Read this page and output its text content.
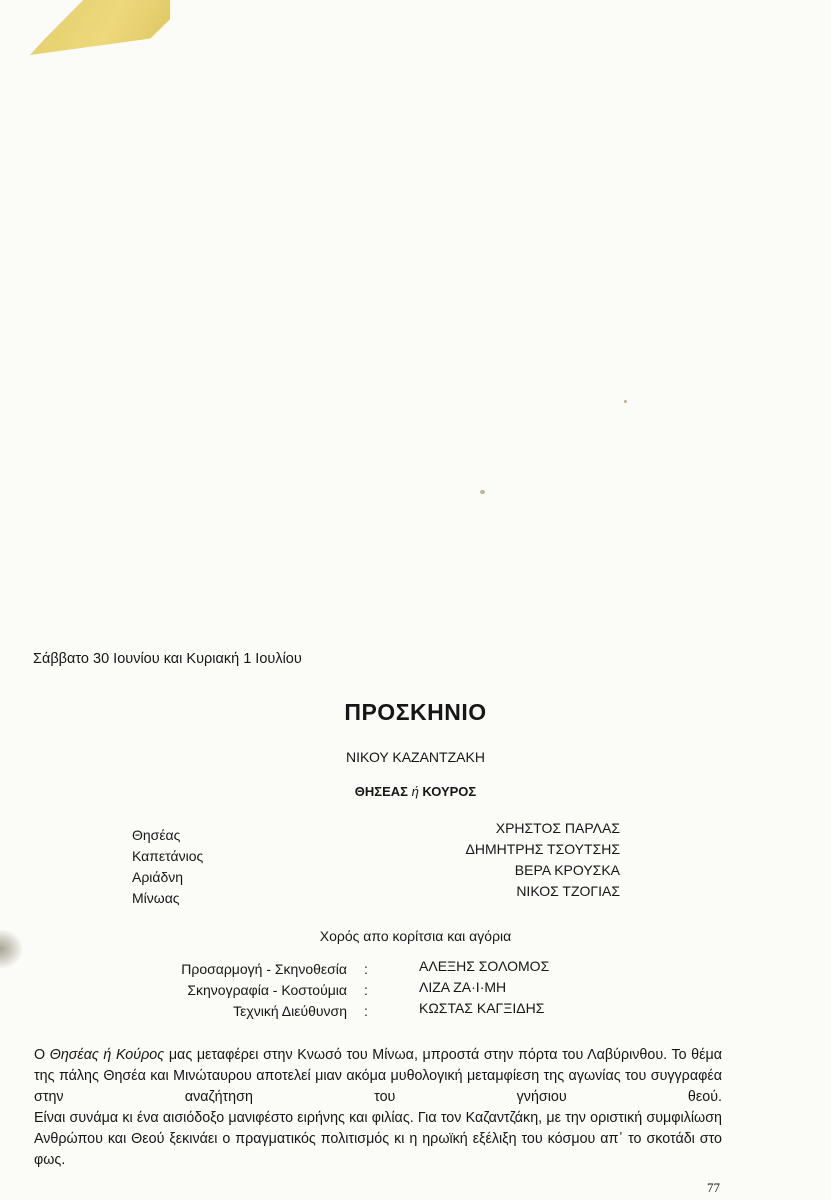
Σάββατο 30 Ιουνίου και Κυριακή 1 Ιουλίου
ΠΡΟΣΚΗΝΙΟ
ΝΙΚΟΥ ΚΑΖΑΝΤΖΑΚΗ
ΘΗΣΕΑΣ ή ΚΟΥΡΟΣ
Θησέας
Καπετάνιος
Αριάδνη
Μίνωας
ΧΡΗΣΤΟΣ ΠΑΡΛΑΣ
ΔΗΜΗΤΡΗΣ ΤΣΟΥΤΣΗΣ
ΒΕΡΑ ΚΡΟΥΣΚΑ
ΝΙΚΟΣ ΤΖΟΓΙΑΣ
Χορός απο κορίτσια και αγόρια
Προσαρμογή - Σκηνοθεσία
Σκηνογραφία - Κοστούμια
Τεχνική Διεύθυνση
:
:
:
ΑΛΕΞΗΣ ΣΟΛΟΜΟΣ
ΛΙΖΑ ΖΑ·Ι·ΜΗ
ΚΩΣΤΑΣ ΚΑΓΞΙΔΗΣ

Ο Θησέας ή Κούρος μας μεταφέρει στην Κνωσό του Μίνωα, μπροστά στην πόρτα του Λαβύρινθου. Το θέμα της πάλης Θησέα και Μινώταυρου αποτελεί μιαν ακόμα μυθολογική μεταμφίεση της αγωνίας του συγγραφέα στην αναζήτηση του γνήσιου θεού.

Είναι συνάμα κι ένα αισιόδοξο μανιφέστο ειρήνης και φιλίας. Για τον Καζαντζάκη, με την οριστική συμφιλίωση Ανθρώπου και Θεού ξεκινάει ο πραγματικός πολιτισμός κι η ηρωϊκή εξέλιξη του κόσμου απ᾽ το σκοτάδι στο φως.

77
